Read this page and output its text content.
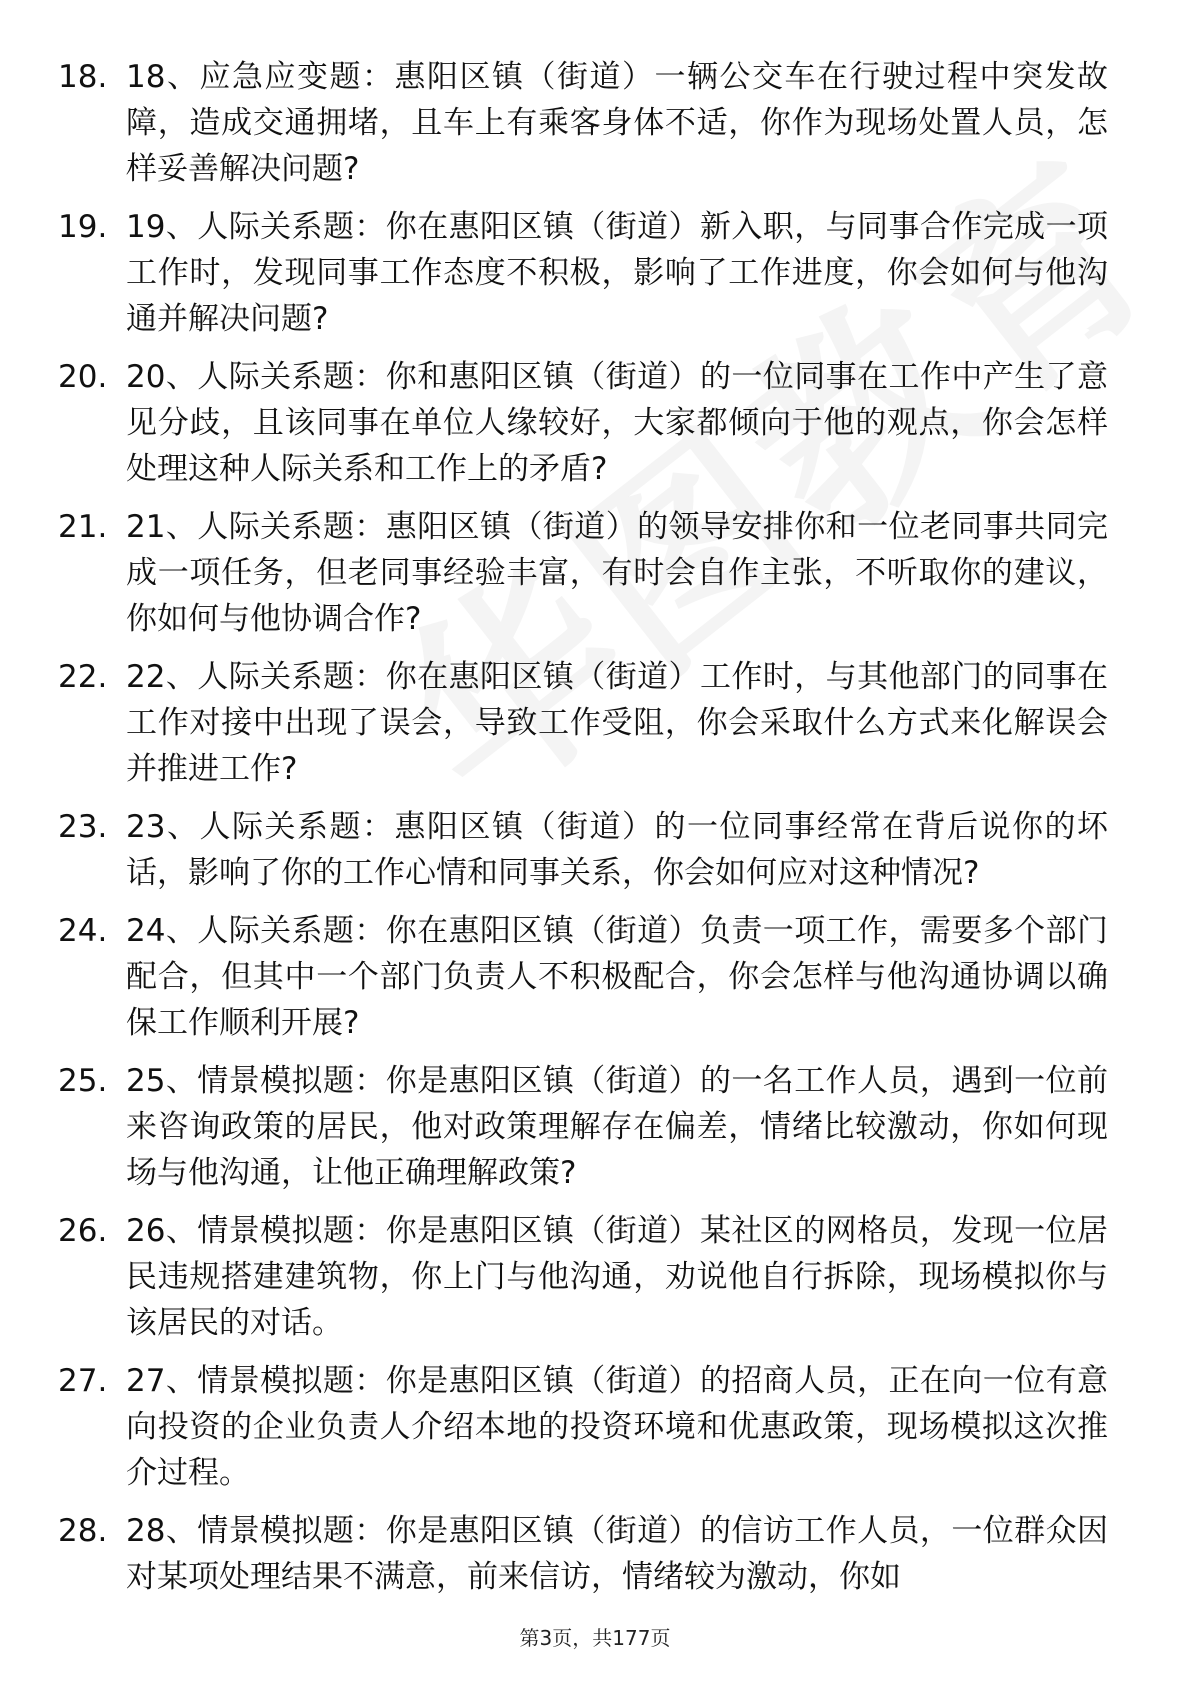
18. 18、应急应变题：惠阳区镇（街道）一辆公交车在行驶过程中突发故障，造成交通拥堵，且车上有乘客身体不适，你作为现场处置人员，怎样妥善解决问题?
19. 19、人际关系题：你在惠阳区镇（街道）新入职，与同事合作完成一项工作时，发现同事工作态度不积极，影响了工作进度，你会如何与他沟通并解决问题?
20. 20、人际关系题：你和惠阳区镇（街道）的一位同事在工作中产生了意见分歧，且该同事在单位人缘较好，大家都倾向于他的观点，你会怎样处理这种人际关系和工作上的矛盾?
21. 21、人际关系题：惠阳区镇（街道）的领导安排你和一位老同事共同完成一项任务，但老同事经验丰富，有时会自作主张，不听取你的建议，你如何与他协调合作?
22. 22、人际关系题：你在惠阳区镇（街道）工作时，与其他部门的同事在工作对接中出现了误会，导致工作受阻，你会采取什么方式来化解误会并推进工作?
23. 23、人际关系题：惠阳区镇（街道）的一位同事经常在背后说你的坏话，影响了你的工作心情和同事关系，你会如何应对这种情况?
24. 24、人际关系题：你在惠阳区镇（街道）负责一项工作，需要多个部门配合，但其中一个部门负责人不积极配合，你会怎样与他沟通协调以确保工作顺利开展?
25. 25、情景模拟题：你是惠阳区镇（街道）的一名工作人员，遇到一位前来咨询政策的居民，他对政策理解存在偏差，情绪比较激动，你如何现场与他沟通，让他正确理解政策?
26. 26、情景模拟题：你是惠阳区镇（街道）某社区的网格员，发现一位居民违规搭建建筑物，你上门与他沟通，劝说他自行拆除，现场模拟你与该居民的对话。
27. 27、情景模拟题：你是惠阳区镇（街道）的招商人员，正在向一位有意向投资的企业负责人介绍本地的投资环境和优惠政策，现场模拟这次推介过程。
28. 28、情景模拟题：你是惠阳区镇（街道）的信访工作人员，一位群众因对某项处理结果不满意，前来信访，情绪较为激动，你如
第3页，共177页
